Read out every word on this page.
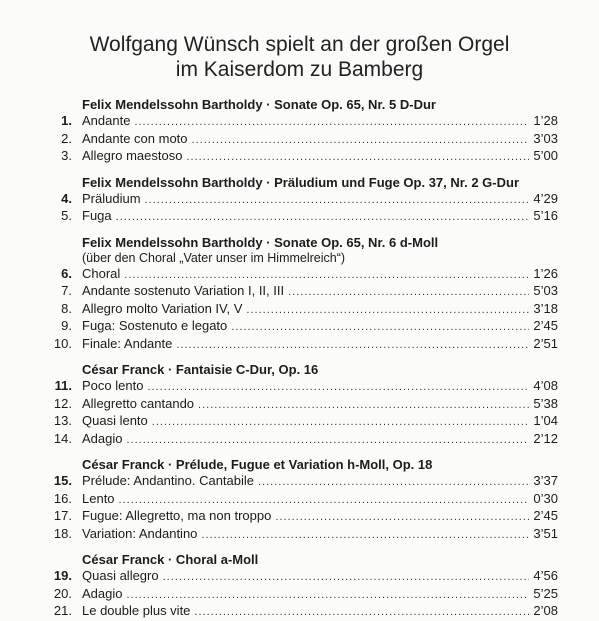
Wolfgang Wünsch spielt an der großen Orgel
im Kaiserdom zu Bamberg
Felix Mendelssohn Bartholdy · Sonate Op. 65, Nr. 5 D-Dur
1. Andante .....	1’28
2. Andante con moto .....	3’03
3. Allegro maestoso .....	5’00
Felix Mendelssohn Bartholdy · Präludium und Fuge Op. 37, Nr. 2 G-Dur
4. Präludium .....	4’29
5. Fuga .....	5’16
Felix Mendelssohn Bartholdy · Sonate Op. 65, Nr. 6 d-Moll
(über den Choral „Vater unser im Himmelreich“)
6. Choral .....	1’26
7. Andante sostenuto Variation I, II, III .....	5’03
8. Allegro molto Variation IV, V .....	3’18
9. Fuga: Sostenuto e legato .....	2’45
10. Finale: Andante .....	2’51
César Franck · Fantaisie C-Dur, Op. 16
11. Poco lento .....	4’08
12. Allegretto cantando .....	5’38
13. Quasi lento .....	1’04
14. Adagio .....	2’12
César Franck · Prélude, Fugue et Variation h-Moll, Op. 18
15. Prélude: Andantino. Cantabile .....	3’37
16. Lento .....	0’30
17. Fugue: Allegretto, ma non troppo .....	2’45
18. Variation: Andantino .....	3’51
César Franck · Choral a-Moll
19. Quasi allegro .....	4’56
20. Adagio .....	5’25
21. Le double plus vite .....	2’08
